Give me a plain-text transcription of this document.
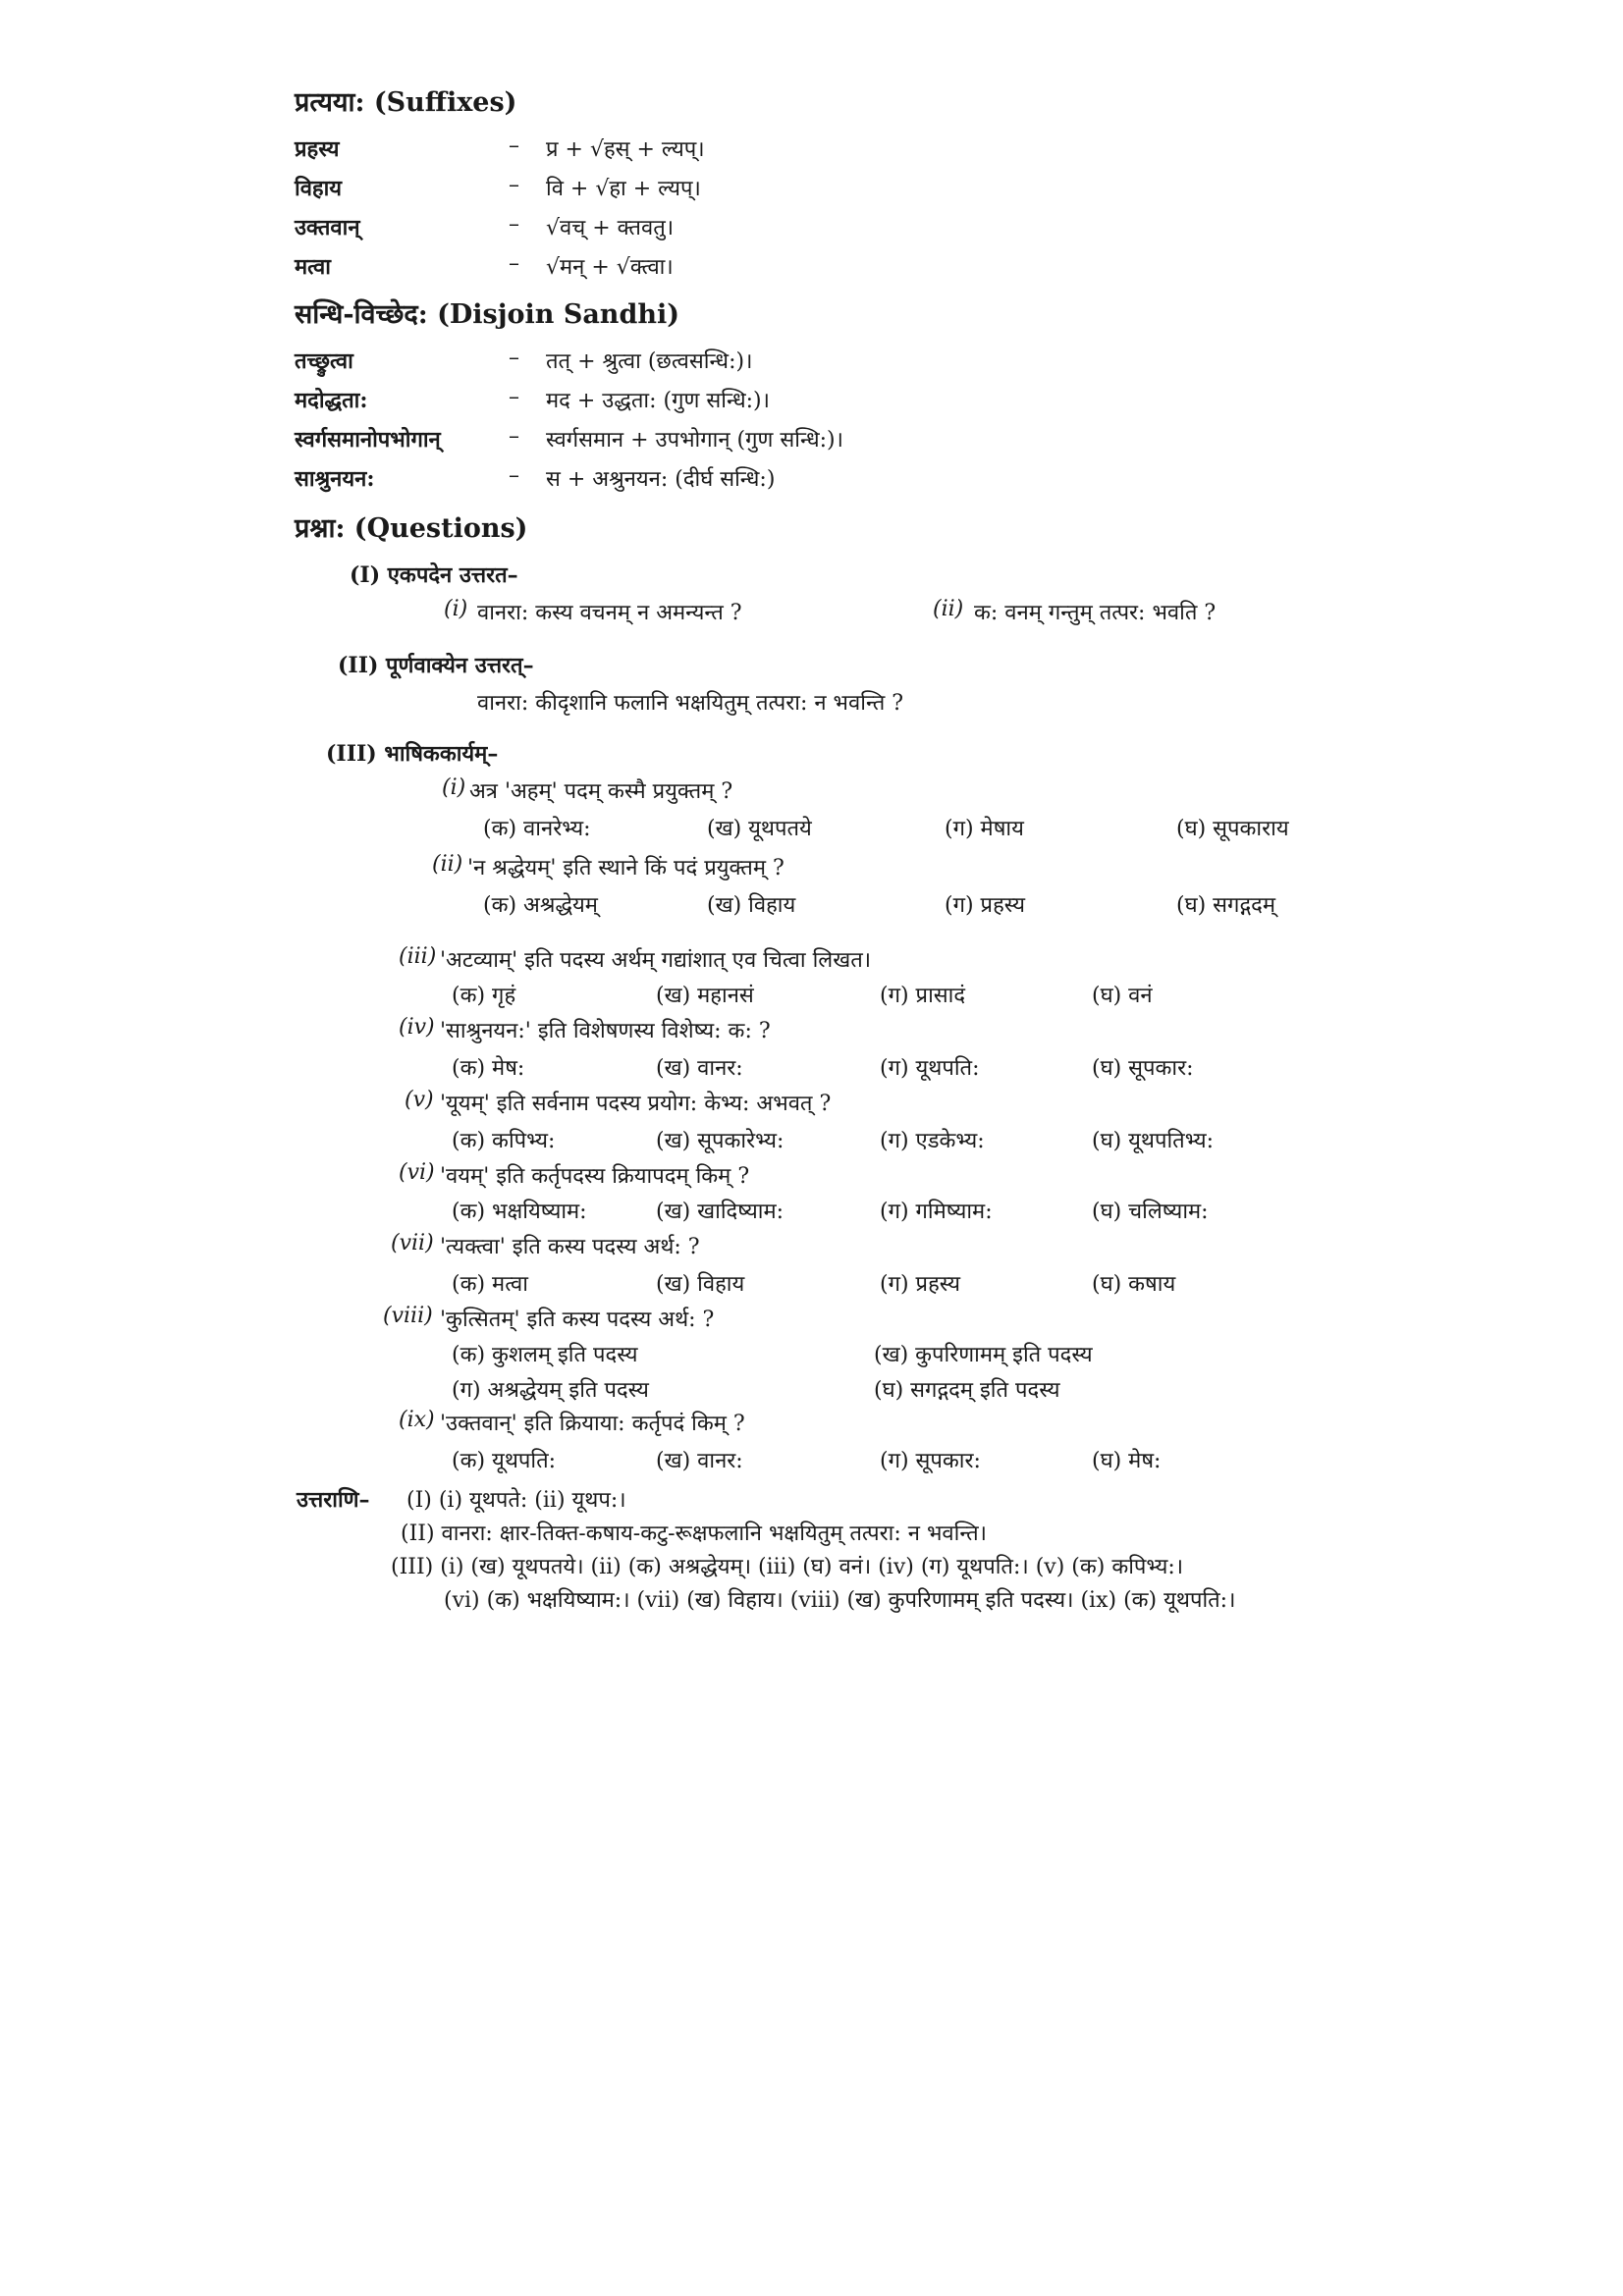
प्रत्यया: (Suffixes)
प्रहस्य	– प्र + √हस् + ल्यप्।
विहाय	– वि + √हा + ल्यप्।
उक्तवान्	– √वच् + क्तवतु।
मत्वा	– √मन् + √क्त्वा।
सन्धि-विच्छेद: (Disjoin Sandhi)
तच्छ्रुत्वा	– तत् + श्रुत्वा (छत्वसन्धि:)।
मदोद्धता:	– मद + उद्धता: (गुण सन्धि:)।
स्वर्गसमानोपभोगान्	– स्वर्गसमान + उपभोगान् (गुण सन्धि:)।
साश्रुनयन:	– स + अश्रुनयन: (दीर्घ सन्धि:)
प्रश्ना: (Questions)
(I) एकपदेन उत्तरत–
(i) वानरा: कस्य वचनम् न अमन्यन्त ?	(ii) क: वनम् गन्तुम् तत्पर: भवति ?
(II) पूर्णवाक्येन उत्तरत्–
वानरा: कीदृशानि फलानि भक्षयितुम् तत्परा: न भवन्ति ?
(III) भाषिककार्यम्–
(i) अत्र 'अहम्' पदम् कस्मै प्रयुक्तम् ?
(क) वानरेभ्य:	(ख) यूथपतये	(ग) मेषाय	(घ) सूपकाराय
(ii) 'न श्रद्धेयम्' इति स्थाने किं पदं प्रयुक्तम् ?
(क) अश्रद्धेयम्	(ख) विहाय	(ग) प्रहस्य	(घ) सगद्गदम्
(iii) 'अटव्याम्' इति पदस्य अर्थम् गद्यांशात् एव चित्वा लिखत।
(क) गृहं	(ख) महानसं	(ग) प्रासादं	(घ) वनं
(iv) 'साश्रुनयन:' इति विशेषणस्य विशेष्य: क: ?
(क) मेष:	(ख) वानर:	(ग) यूथपति:	(घ) सूपकार:
(v) 'यूयम्' इति सर्वनाम पदस्य प्रयोग: केभ्य: अभवत् ?
(क) कपिभ्य:	(ख) सूपकारेभ्य:	(ग) एडकेभ्य:	(घ) यूथपतिभ्य:
(vi) 'वयम्' इति कर्तृपदस्य क्रियापदम् किम् ?
(क) भक्षयिष्याम:	(ख) खादिष्याम:	(ग) गमिष्याम:	(घ) चलिष्याम:
(vii) 'त्यक्त्वा' इति कस्य पदस्य अर्थ: ?
(क) मत्वा	(ख) विहाय	(ग) प्रहस्य	(घ) कषाय
(viii) 'कुत्सितम्' इति कस्य पदस्य अर्थ: ?
(क) कुशलम् इति पदस्य	(ख) कुपरिणामम् इति पदस्य
(ग) अश्रद्धेयम् इति पदस्य	(घ) सगद्गदम् इति पदस्य
(ix) 'उक्तवान्' इति क्रियाया: कर्तृपदं किम् ?
(क) यूथपति:	(ख) वानर:	(ग) सूपकार:	(घ) मेष:
उत्तराणि– (I) (i) यूथपते: (ii) यूथप:।
(II) वानरा: क्षार-तिक्त-कषाय-कटु-रूक्षफलानि भक्षयितुम् तत्परा: न भवन्ति।
(III) (i) (ख) यूथपतये। (ii) (क) अश्रद्धेयम्। (iii) (घ) वनं। (iv) (ग) यूथपति:। (v) (क) कपिभ्य:।
(vi) (क) भक्षयिष्याम:। (vii) (ख) विहाय। (viii) (ख) कुपरिणामम् इति पदस्य। (ix) (क) यूथपति:।
